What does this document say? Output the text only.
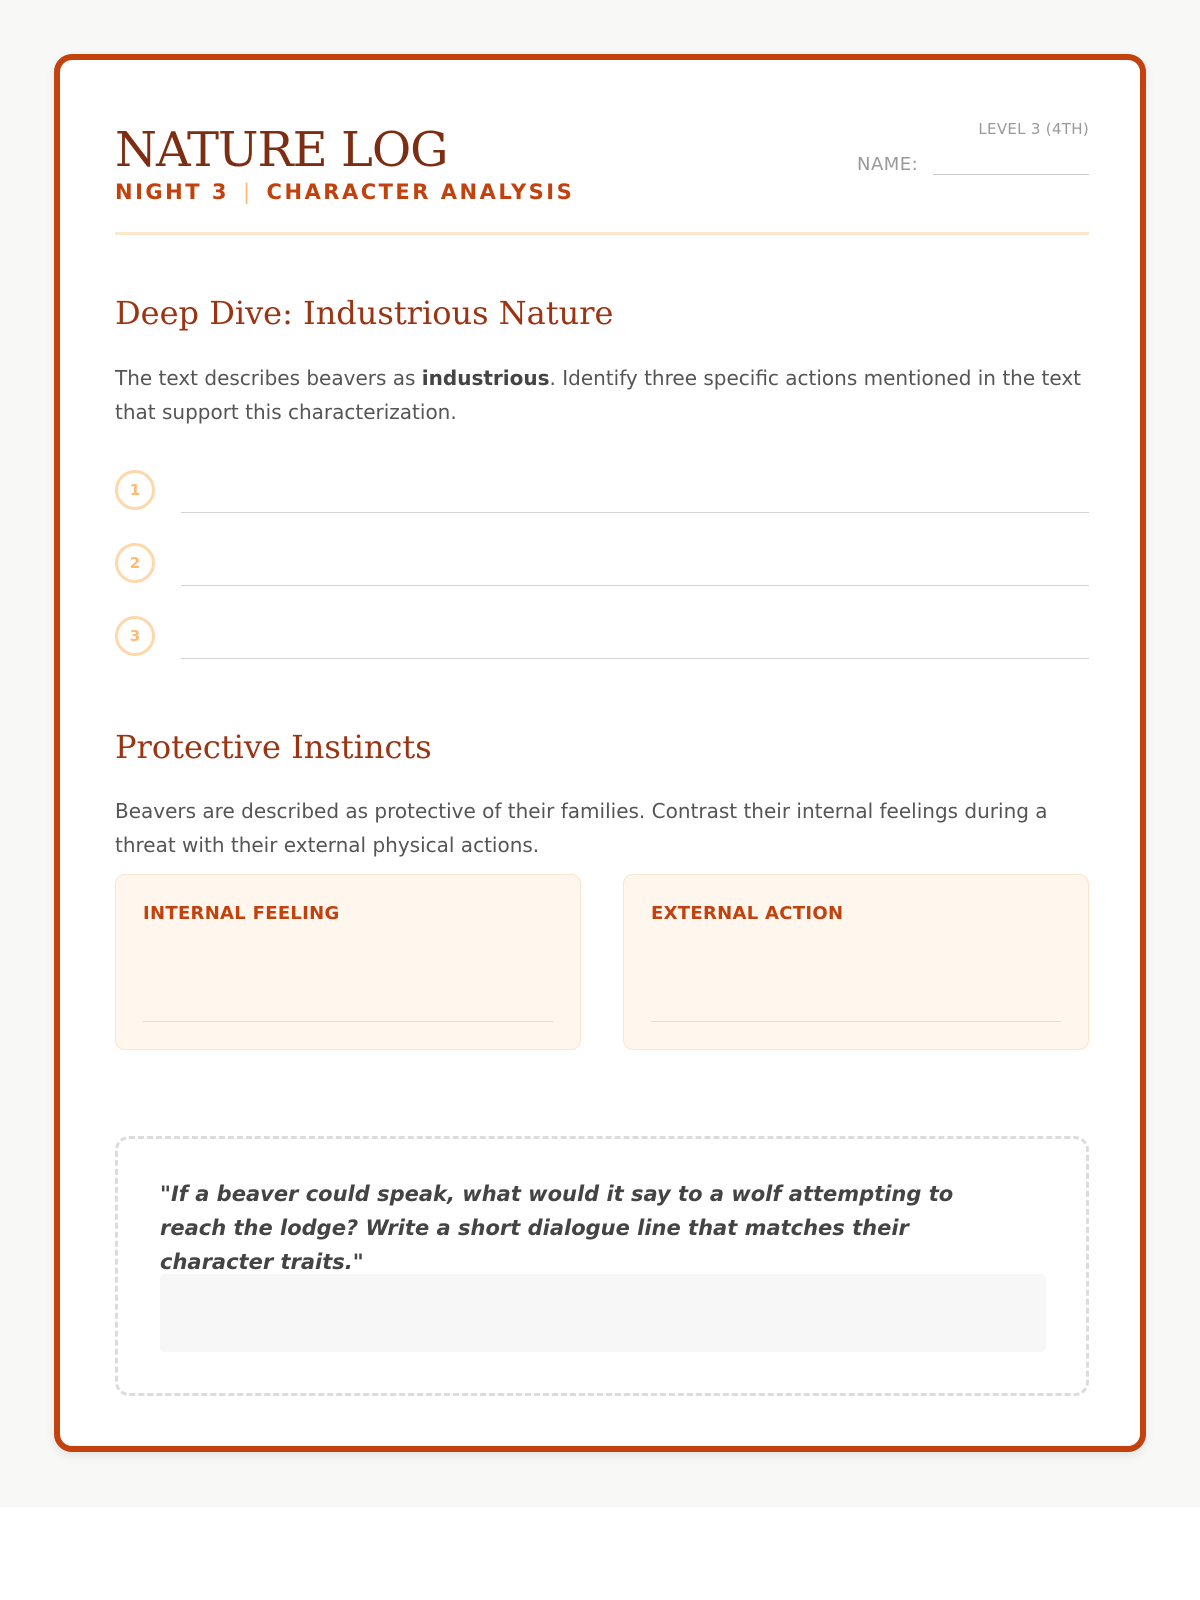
LEVEL 3 (4TH)
NAME:
NATURE LOG
NIGHT 3 | CHARACTER ANALYSIS
Deep Dive: Industrious Nature
The text describes beavers as industrious. Identify three specific actions mentioned in the text that support this characterization.
1
2
3
Protective Instincts
Beavers are described as protective of their families. Contrast their internal feelings during a threat with their external physical actions.
INTERNAL FEELING	EXTERNAL ACTION
"If a beaver could speak, what would it say to a wolf attempting to reach the lodge? Write a short dialogue line that matches their character traits."
